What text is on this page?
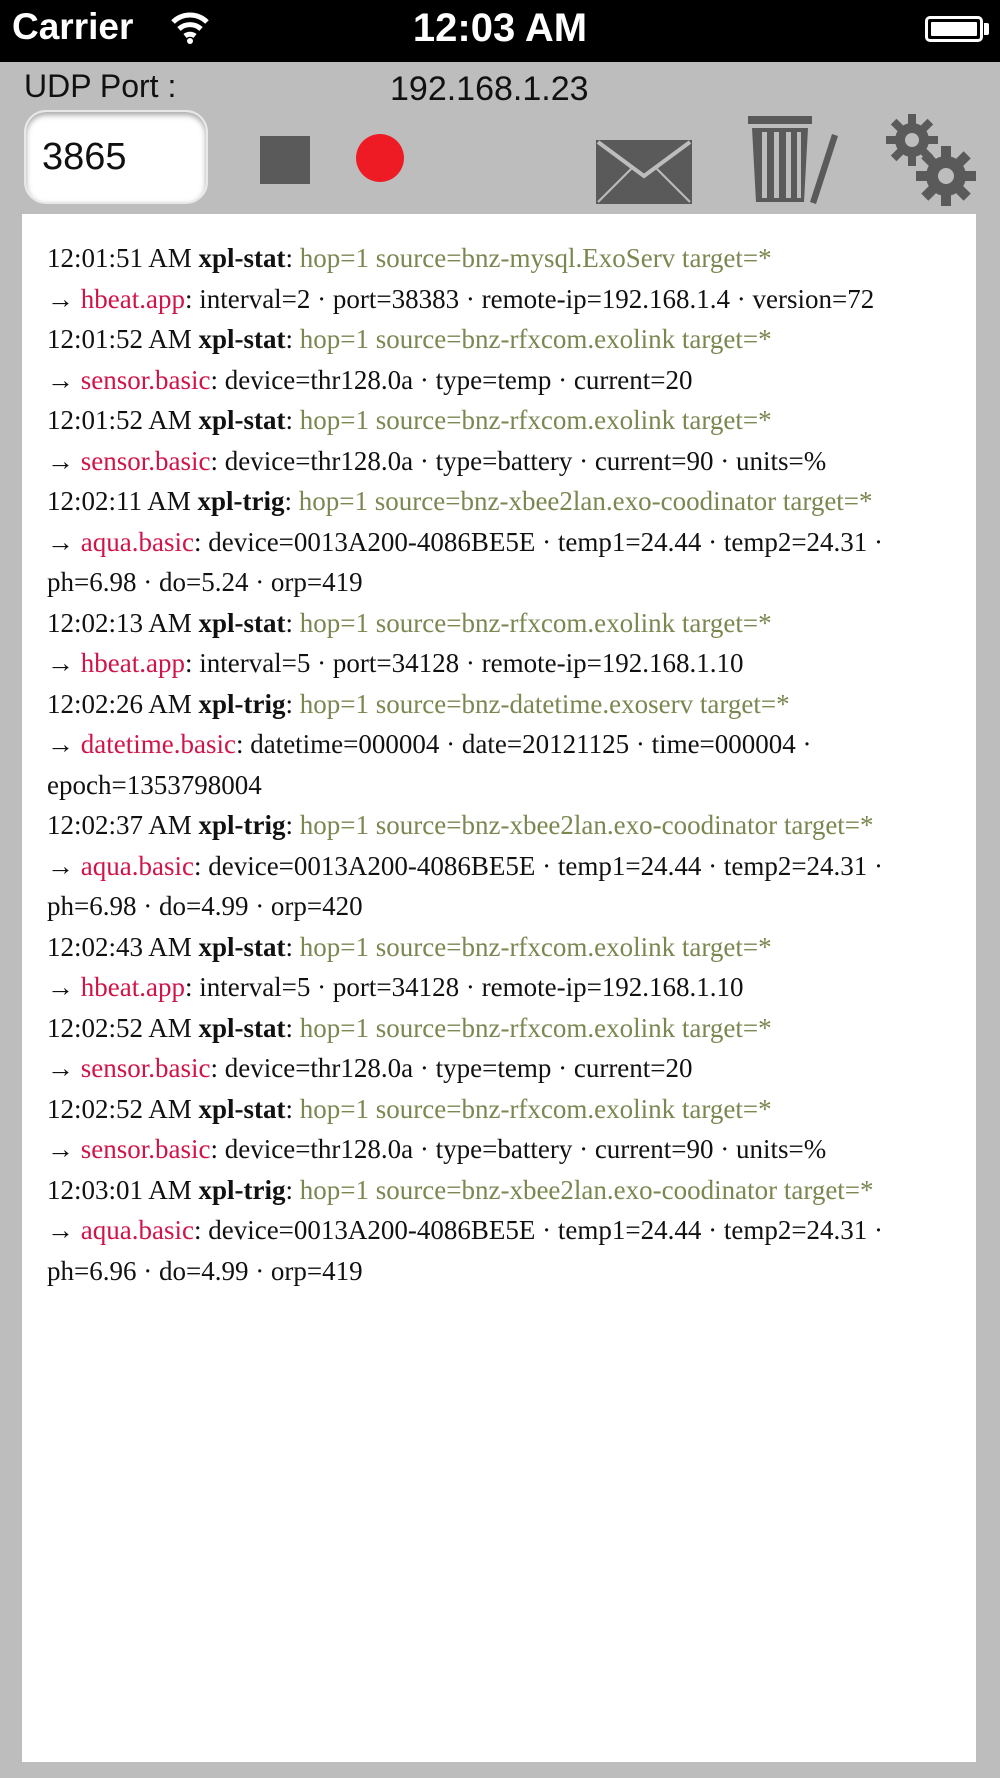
Carrier	12:03 AM
UDP Port :	192.168.1.23
3865
12:01:51 AM xpl-stat: hop=1 source=bnz-mysql.ExoServ target=*
→ hbeat.app: interval=2 · port=38383 · remote-ip=192.168.1.4 · version=72
12:01:52 AM xpl-stat: hop=1 source=bnz-rfxcom.exolink target=*
→ sensor.basic: device=thr128.0a · type=temp · current=20
12:01:52 AM xpl-stat: hop=1 source=bnz-rfxcom.exolink target=*
→ sensor.basic: device=thr128.0a · type=battery · current=90 · units=%
12:02:11 AM xpl-trig: hop=1 source=bnz-xbee2lan.exo-coodinator target=*
→ aqua.basic: device=0013A200-4086BE5E · temp1=24.44 · temp2=24.31 · ph=6.98 · do=5.24 · orp=419
12:02:13 AM xpl-stat: hop=1 source=bnz-rfxcom.exolink target=*
→ hbeat.app: interval=5 · port=34128 · remote-ip=192.168.1.10
12:02:26 AM xpl-trig: hop=1 source=bnz-datetime.exoserv target=*
→ datetime.basic: datetime=000004 · date=20121125 · time=000004 · epoch=1353798004
12:02:37 AM xpl-trig: hop=1 source=bnz-xbee2lan.exo-coodinator target=*
→ aqua.basic: device=0013A200-4086BE5E · temp1=24.44 · temp2=24.31 · ph=6.98 · do=4.99 · orp=420
12:02:43 AM xpl-stat: hop=1 source=bnz-rfxcom.exolink target=*
→ hbeat.app: interval=5 · port=34128 · remote-ip=192.168.1.10
12:02:52 AM xpl-stat: hop=1 source=bnz-rfxcom.exolink target=*
→ sensor.basic: device=thr128.0a · type=temp · current=20
12:02:52 AM xpl-stat: hop=1 source=bnz-rfxcom.exolink target=*
→ sensor.basic: device=thr128.0a · type=battery · current=90 · units=%
12:03:01 AM xpl-trig: hop=1 source=bnz-xbee2lan.exo-coodinator target=*
→ aqua.basic: device=0013A200-4086BE5E · temp1=24.44 · temp2=24.31 · ph=6.96 · do=4.99 · orp=419
